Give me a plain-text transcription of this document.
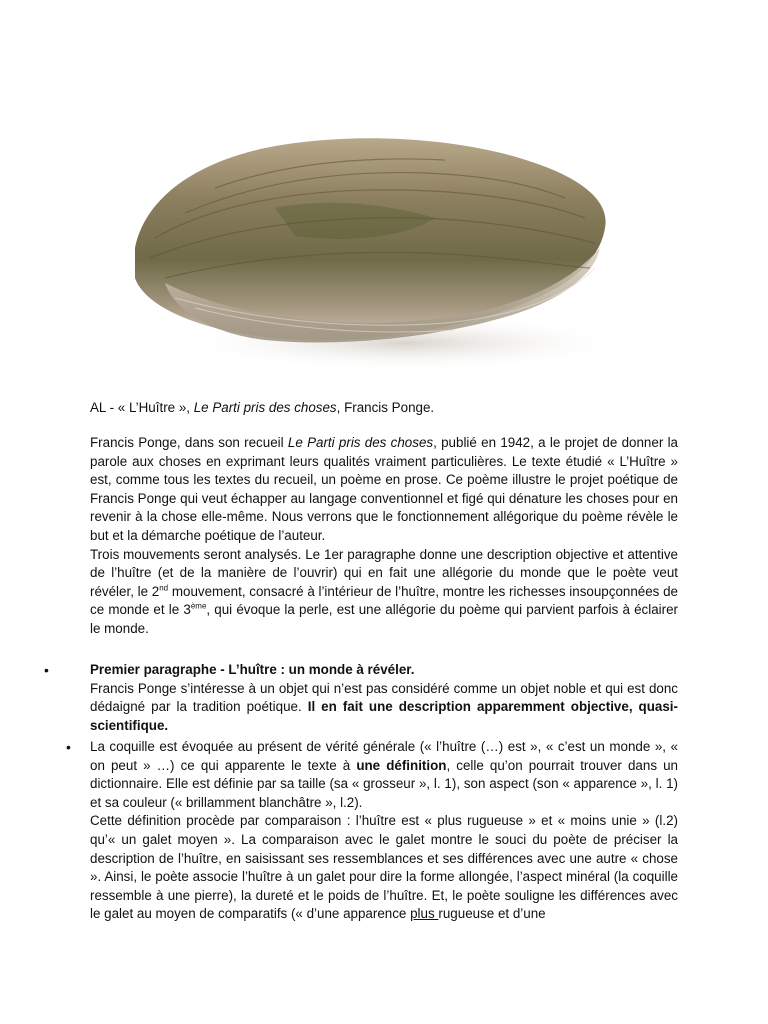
AL - « L’Huître », Le Parti pris des choses, Francis Ponge.

Francis Ponge, dans son recueil Le Parti pris des choses, publié en 1942, a le projet de donner la parole aux choses en exprimant leurs qualités vraiment particulières. Le texte étudié « L’Huître » est, comme tous les textes du recueil, un poème en prose. Ce poème illustre le projet poétique de Francis Ponge qui veut échapper au langage conventionnel et figé qui dénature les choses pour en revenir à la chose elle-même. Nous verrons que le fonctionnement allégorique du poème révèle le but et la démarche poétique de l’auteur.

Trois mouvements seront analysés. Le 1er paragraphe donne une description objective et attentive de l’huître (et de la manière de l’ouvrir) qui en fait une allégorie du monde que le poète veut révéler, le 2nd mouvement, consacré à l’intérieur de l’huître, montre les richesses insoupçonnées de ce monde et le 3ème, qui évoque la perle, est une allégorie du poème qui parvient parfois à éclairer le monde.

•	Premier paragraphe - L’huître : un monde à révéler.

Francis Ponge s’intéresse à un objet qui n’est pas considéré comme un objet noble et qui est donc dédaigné par la tradition poétique. Il en fait une description apparemment objective, quasi-scientifique.

• La coquille est évoquée au présent de vérité générale (« l’huître (…) est », « c’est un monde », « on peut » …) ce qui apparente le texte à une définition, celle qu’on pourrait trouver dans un dictionnaire. Elle est définie par sa taille (sa « grosseur », l. 1), son aspect (son « apparence », l. 1) et sa couleur (« brillamment blanchâtre », l.2).

Cette définition procède par comparaison : l’huître est « plus rugueuse » et « moins unie » (l.2) qu’« un galet moyen ». La comparaison avec le galet montre le souci du poète de préciser la description de l’huître, en saisissant ses ressemblances et ses différences avec une autre « chose ». Ainsi, le poète associe l’huître à un galet pour dire la forme allongée, l’aspect minéral (la coquille ressemble à une pierre), la dureté et le poids de l’huître. Et, le poète souligne les différences avec le galet au moyen de comparatifs (« d’une apparence plus rugueuse et d’une
